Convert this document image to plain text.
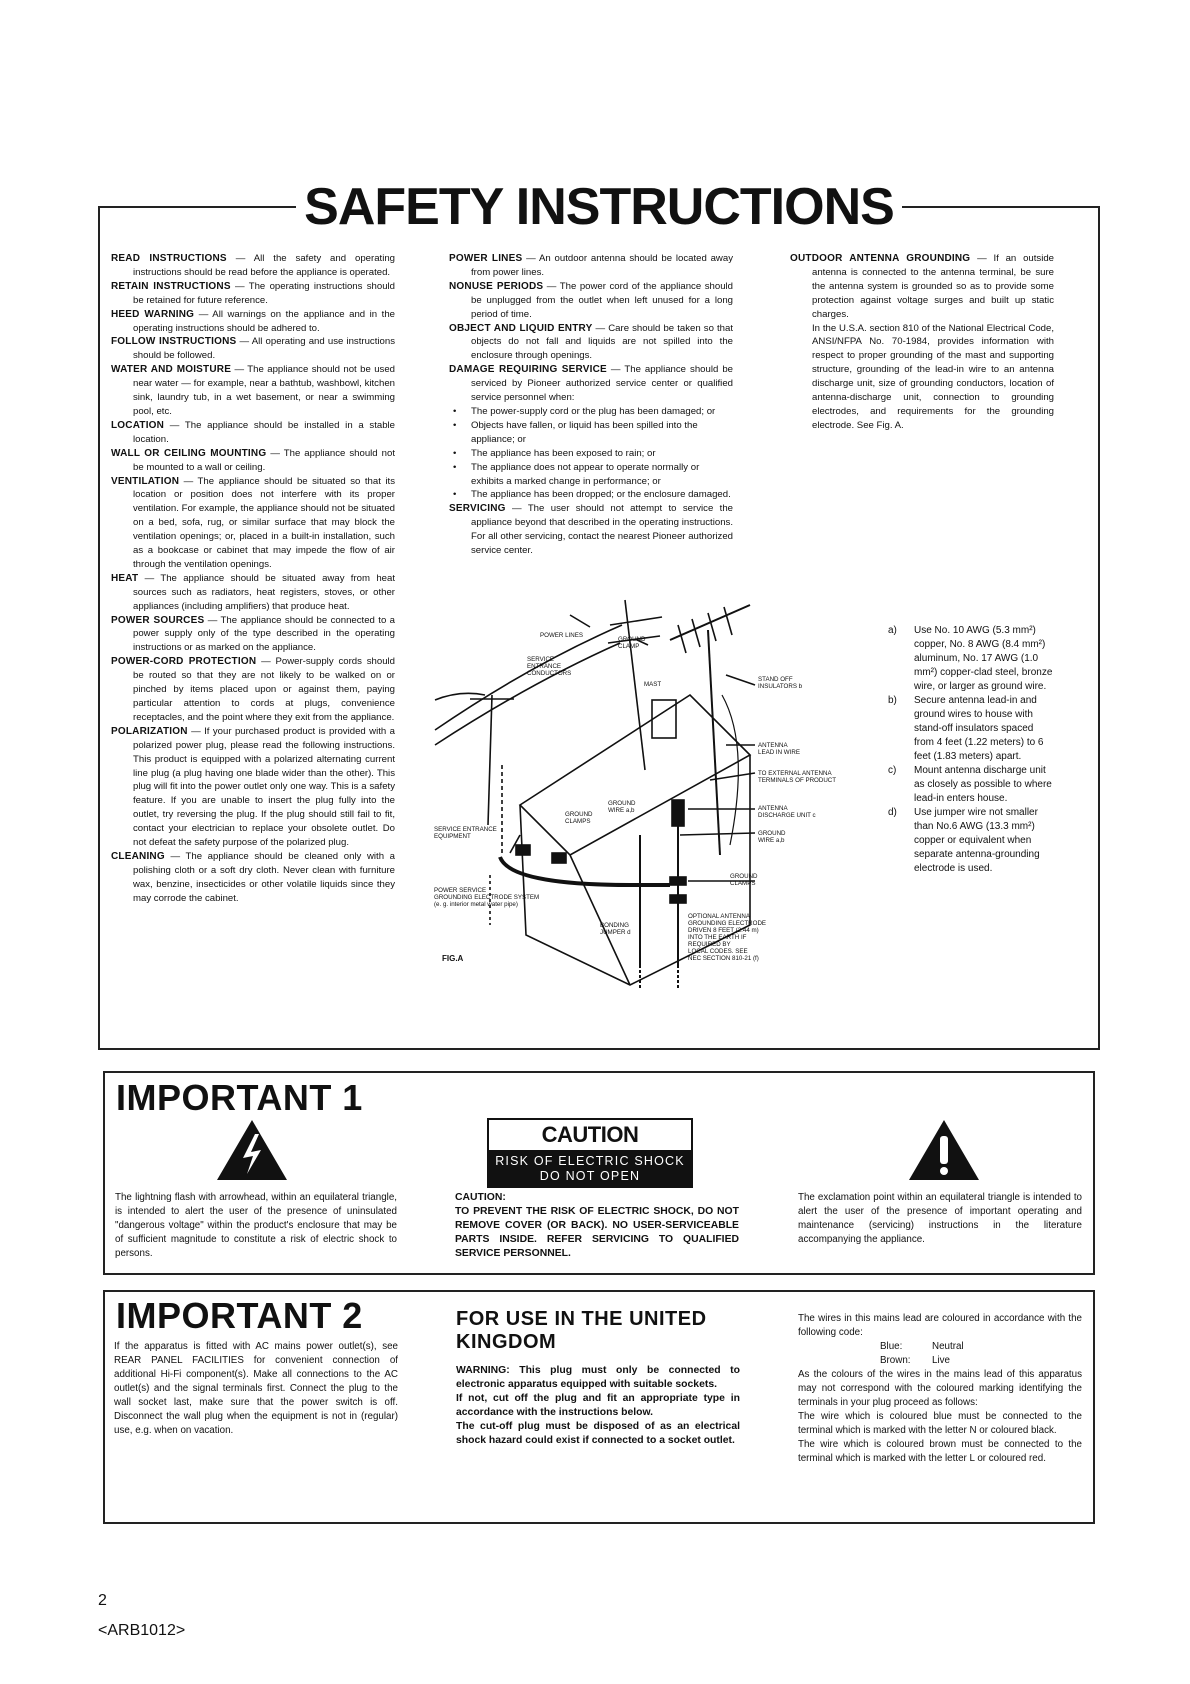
SAFETY INSTRUCTIONS
READ INSTRUCTIONS — All the safety and operating instructions should be read before the appliance is operated.
RETAIN INSTRUCTIONS — The operating instructions should be retained for future reference.
HEED WARNING — All warnings on the appliance and in the operating instructions should be adhered to.
FOLLOW INSTRUCTIONS — All operating and use instructions should be followed.
WATER AND MOISTURE — The appliance should not be used near water — for example, near a bathtub, washbowl, kitchen sink, laundry tub, in a wet basement, or near a swimming pool, etc.
LOCATION — The appliance should be installed in a stable location.
WALL OR CEILING MOUNTING — The appliance should not be mounted to a wall or ceiling.
VENTILATION — The appliance should be situated so that its location or position does not interfere with its proper ventilation. For example, the appliance should not be situated on a bed, sofa, rug, or similar surface that may block the ventilation openings; or, placed in a built-in installation, such as a bookcase or cabinet that may impede the flow of air through the ventilation openings.
HEAT — The appliance should be situated away from heat sources such as radiators, heat registers, stoves, or other appliances (including amplifiers) that produce heat.
POWER SOURCES — The appliance should be connected to a power supply only of the type described in the operating instructions or as marked on the appliance.
POWER-CORD PROTECTION — Power-supply cords should be routed so that they are not likely to be walked on or pinched by items placed upon or against them, paying particular attention to cords at plugs, convenience receptacles, and the point where they exit from the appliance.
POLARIZATION — If your purchased product is provided with a polarized power plug, please read the following instructions. This product is equipped with a polarized alternating current line plug (a plug having one blade wider than the other). This plug will fit into the power outlet only one way. This is a safety feature. If you are unable to insert the plug fully into the outlet, try reversing the plug. If the plug should still fail to fit, contact your electrician to replace your obsolete outlet. Do not defeat the safety purpose of the polarized plug.
CLEANING — The appliance should be cleaned only with a polishing cloth or a soft dry cloth. Never clean with furniture wax, benzine, insecticides or other volatile liquids since they may corrode the cabinet.
POWER LINES — An outdoor antenna should be located away from power lines.
NONUSE PERIODS — The power cord of the appliance should be unplugged from the outlet when left unused for a long period of time.
OBJECT AND LIQUID ENTRY — Care should be taken so that objects do not fall and liquids are not spilled into the enclosure through openings.
DAMAGE REQUIRING SERVICE — The appliance should be serviced by Pioneer authorized service center or qualified service personnel when:
• The power-supply cord or the plug has been damaged; or
• Objects have fallen, or liquid has been spilled into the appliance; or
• The appliance has been exposed to rain; or
• The appliance does not appear to operate normally or exhibits a marked change in performance; or
• The appliance has been dropped; or the enclosure damaged.
SERVICING — The user should not attempt to service the appliance beyond that described in the operating instructions. For all other servicing, contact the nearest Pioneer authorized service center.
OUTDOOR ANTENNA GROUNDING — If an outside antenna is connected to the antenna terminal, be sure the antenna system is grounded so as to provide some protection against voltage surges and built up static charges.
In the U.S.A. section 810 of the National Electrical Code, ANSI/NFPA No. 70-1984, provides information with respect to proper grounding of the mast and supporting structure, grounding of the lead-in wire to an antenna discharge unit, size of grounding conductors, location of antenna-discharge unit, connection to grounding electrodes, and requirements for the grounding electrode. See Fig. A.
a) Use No. 10 AWG (5.3 mm²) copper, No. 8 AWG (8.4 mm²) aluminum, No. 17 AWG (1.0 mm²) copper-clad steel, bronze wire, or larger as ground wire.
b) Secure antenna lead-in and ground wires to house with stand-off insulators spaced from 4 feet (1.22 meters) to 6 feet (1.83 meters) apart.
c) Mount antenna discharge unit as closely as possible to where lead-in enters house.
d) Use jumper wire not smaller than No.6 AWG (13.3 mm²) copper or equivalent when separate antenna-grounding electrode is used.
POWER LINES
GROUND
CLAMP
SERVICE
ENTRANCE
CONDUCTORS
MAST
STAND OFF
INSULATORS b
ANTENNA
LEAD IN WIRE
TO EXTERNAL ANTENNA
TERMINALS OF PRODUCT
GROUND
WIRE a,b
GROUND
CLAMPS
ANTENNA
DISCHARGE UNIT c
SERVICE ENTRANCE
EQUIPMENT	GROUND
WIRE a,b
GROUND
CLAMPS
POWER SERVICE
GROUNDING ELECTRODE SYSTEM
(e. g. interior metal water pipe)
BONDING
JUMPER d
OPTIONAL ANTENNA
GROUNDING ELECTRODE
DRIVEN 8 FEET (2.44 m)
INTO THE EARTH IF
REQUIRED BY
LOCAL CODES. SEE
NEC SECTION 810-21 (f)
FIG.A
IMPORTANT 1
The lightning flash with arrowhead, within an equilateral triangle, is intended to alert the user of the presence of uninsulated "dangerous voltage" within the product's enclosure that may be of sufficient magnitude to constitute a risk of electric shock to persons.
CAUTION
RISK OF ELECTRIC SHOCK
DO NOT OPEN
CAUTION:
TO PREVENT THE RISK OF ELECTRIC SHOCK, DO NOT REMOVE COVER (OR BACK). NO USER-SERVICEABLE PARTS INSIDE. REFER SERVICING TO QUALIFIED SERVICE PERSONNEL.
The exclamation point within an equilateral triangle is intended to alert the user of the presence of important operating and maintenance (servicing) instructions in the literature accompanying the appliance.
IMPORTANT 2
If the apparatus is fitted with AC mains power outlet(s), see REAR PANEL FACILITIES for convenient connection of additional Hi-Fi component(s). Make all connections to the AC outlet(s) and the signal terminals first. Connect the plug to the wall socket last, make sure that the power switch is off. Disconnect the wall plug when the equipment is not in (regular) use, e.g. when on vacation.
FOR USE IN THE UNITED KINGDOM
WARNING: This plug must only be connected to electronic apparatus equipped with suitable sockets.
If not, cut off the plug and fit an appropriate type in accordance with the instructions below.
The cut-off plug must be disposed of as an electrical shock hazard could exist if connected to a socket outlet.
The wires in this mains lead are coloured in accordance with the following code:
Blue:	Neutral
Brown:	Live
As the colours of the wires in the mains lead of this apparatus may not correspond with the coloured marking identifying the terminals in your plug proceed as follows:
The wire which is coloured blue must be connected to the terminal which is marked with the letter N or coloured black.
The wire which is coloured brown must be connected to the terminal which is marked with the letter L or coloured red.
2
<ARB1012>
